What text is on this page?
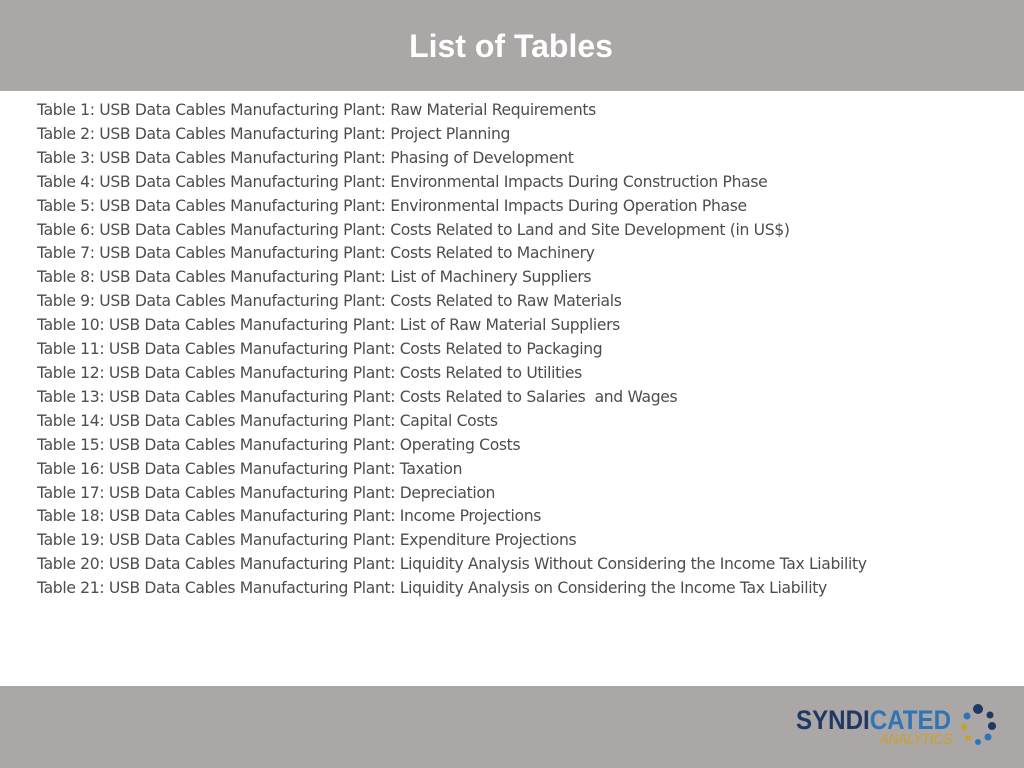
List of Tables
Table 1: USB Data Cables Manufacturing Plant: Raw Material Requirements
Table 2: USB Data Cables Manufacturing Plant: Project Planning
Table 3: USB Data Cables Manufacturing Plant: Phasing of Development
Table 4: USB Data Cables Manufacturing Plant: Environmental Impacts During Construction Phase
Table 5: USB Data Cables Manufacturing Plant: Environmental Impacts During Operation Phase
Table 6: USB Data Cables Manufacturing Plant: Costs Related to Land and Site Development (in US$)
Table 7: USB Data Cables Manufacturing Plant: Costs Related to Machinery
Table 8: USB Data Cables Manufacturing Plant: List of Machinery Suppliers
Table 9: USB Data Cables Manufacturing Plant: Costs Related to Raw Materials
Table 10: USB Data Cables Manufacturing Plant: List of Raw Material Suppliers
Table 11: USB Data Cables Manufacturing Plant: Costs Related to Packaging
Table 12: USB Data Cables Manufacturing Plant: Costs Related to Utilities
Table 13: USB Data Cables Manufacturing Plant: Costs Related to Salaries  and Wages
Table 14: USB Data Cables Manufacturing Plant: Capital Costs
Table 15: USB Data Cables Manufacturing Plant: Operating Costs
Table 16: USB Data Cables Manufacturing Plant: Taxation
Table 17: USB Data Cables Manufacturing Plant: Depreciation
Table 18: USB Data Cables Manufacturing Plant: Income Projections
Table 19: USB Data Cables Manufacturing Plant: Expenditure Projections
Table 20: USB Data Cables Manufacturing Plant: Liquidity Analysis Without Considering the Income Tax Liability
Table 21: USB Data Cables Manufacturing Plant: Liquidity Analysis on Considering the Income Tax Liability
SYNDICATED
ANALYTICS
